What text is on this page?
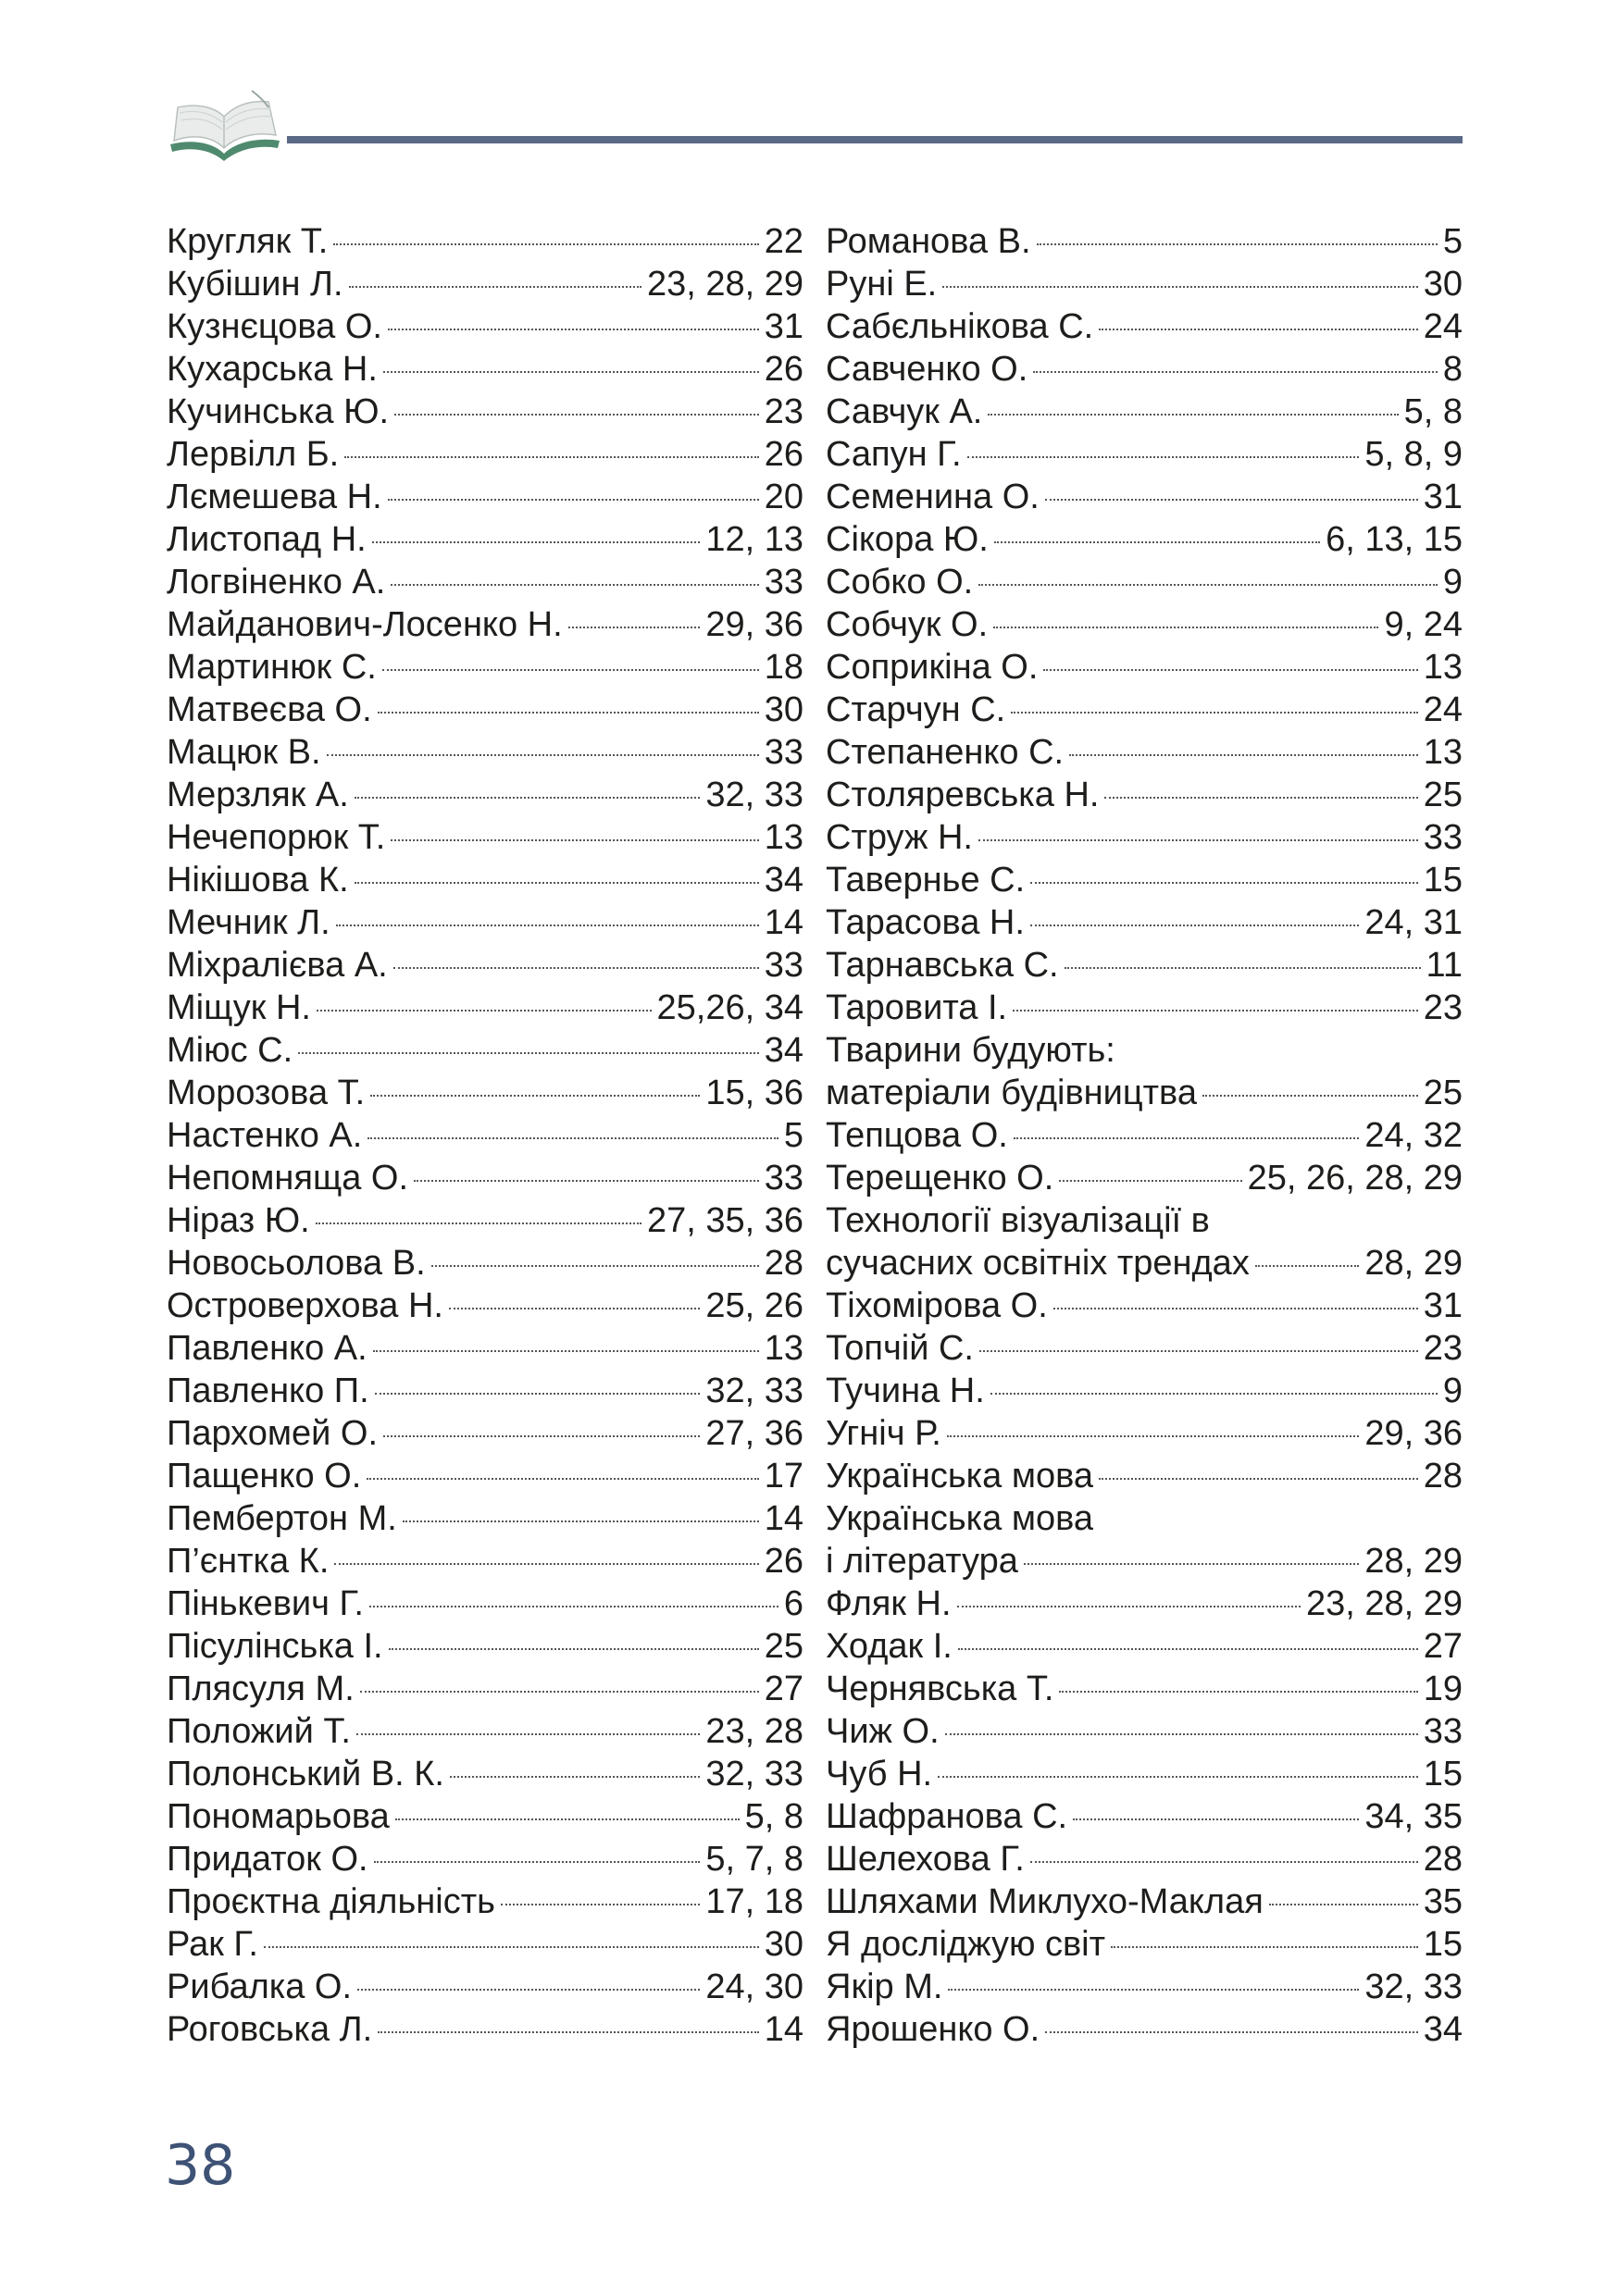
Кругляк Т.	22
Кубішин Л.	23, 28, 29
Кузнєцова О.	31
Кухарська Н.	26
Кучинська Ю.	23
Лервілл Б.	26
Лємешева Н.	20
Листопад Н.	12, 13
Логвіненко А.	33
Майданович-Лосенко Н.	29, 36
Мартинюк С.	18
Матвеєва О.	30
Мацюк В.	33
Мерзляк А.	32, 33
Нечепорюк Т.	13
Нікішова К.	34
Мечник Л.	14
Міхралієва А.	33
Міщук Н.	25,26, 34
Міюс С.	34
Морозова Т.	15, 36
Настенко А.	5
Непомняща О.	33
Ніраз Ю.	27, 35, 36
Новосьолова В.	28
Островерхова Н.	25, 26
Павленко А.	13
Павленко П.	32, 33
Пархомей О.	27, 36
Пащенко О.	17
Пембертон М.	14
П’єнтка К.	26
Пінькевич Г.	6
Пісулінська І.	25
Плясуля М.	27
Положий Т.	23, 28
Полонський В. К.	32, 33
Пономарьова	5, 8
Придаток О.	5, 7, 8
Проєктна діяльність	17, 18
Рак Г.	30
Рибалка О.	24, 30
Роговська Л.	14
Романова В.	5
Руні Е.	30
Сабєльнікова С.	24
Савченко О.	8
Савчук А.	5, 8
Сапун Г.	5, 8, 9
Семенина О.	31
Сікора Ю.	6, 13, 15
Собко О.	9
Собчук О.	9, 24
Соприкіна О.	13
Старчун С.	24
Степаненко С.	13
Столяревська Н.	25
Струж Н.	33
Тавернье С.	15
Тарасова Н.	24, 31
Тарнавська С.	11
Таровита І.	23
Тварини будують:
матеріали будівництва	25
Тепцова О.	24, 32
Терещенко О.	25, 26, 28, 29
Технології візуалізації в
сучасних освітніх трендах	28, 29
Тіхомірова О.	31
Топчій С.	23
Тучина Н.	9
Угніч Р.	29, 36
Українська мова	28
Українська мова
і література	28, 29
Фляк Н.	23, 28, 29
Ходак І.	27
Чернявська Т.	19
Чиж О.	33
Чуб Н.	15
Шафранова С.	34, 35
Шелехова Г.	28
Шляхами Миклухо-Маклая	35
Я досліджую світ	15
Якір М.	32, 33
Ярошенко О.	34
38
